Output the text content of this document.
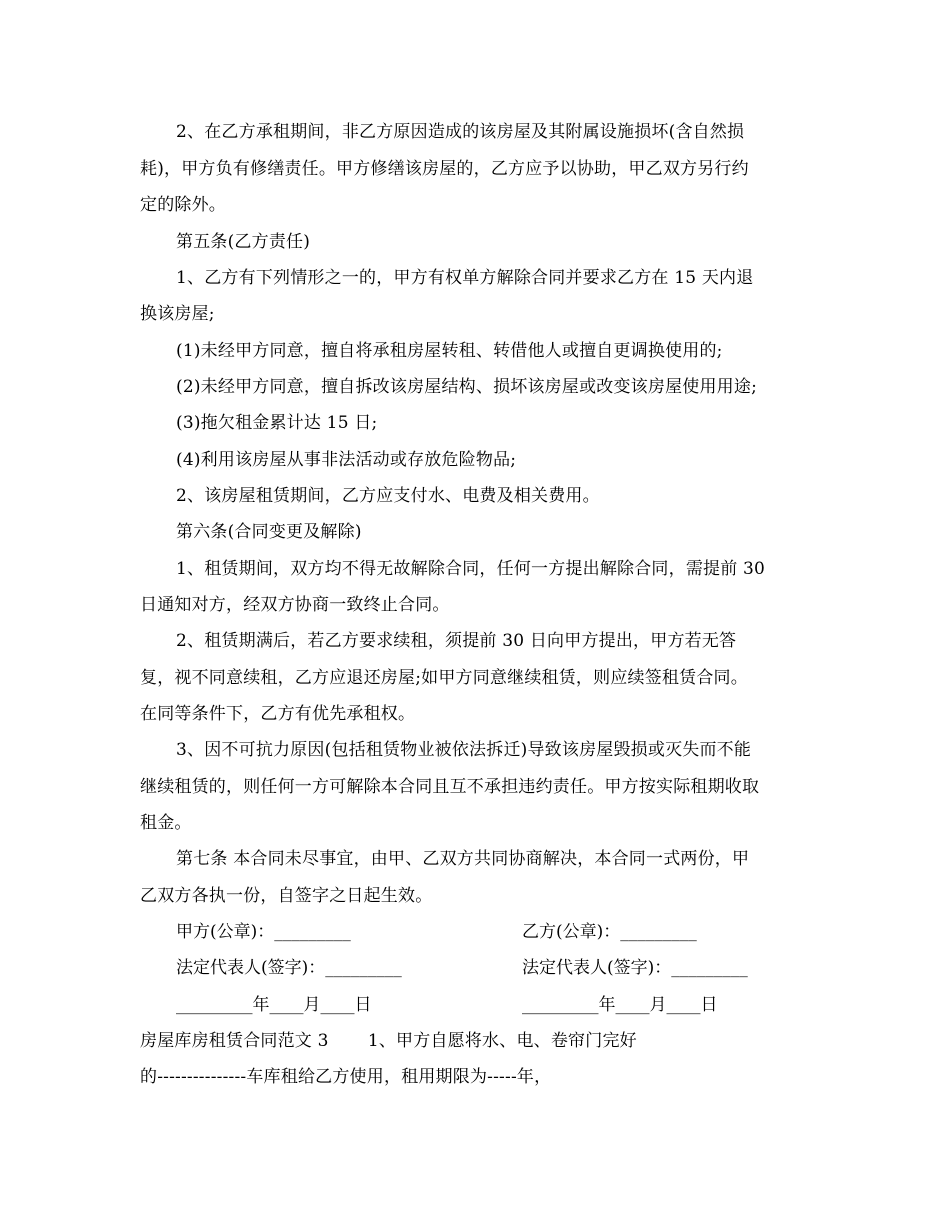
2、在乙方承租期间，非乙方原因造成的该房屋及其附属设施损坏(含自然损
耗)，甲方负有修缮责任。甲方修缮该房屋的，乙方应予以协助，甲乙双方另行约
定的除外。
第五条(乙方责任)
1、乙方有下列情形之一的，甲方有权单方解除合同并要求乙方在 15 天内退
换该房屋;
(1)未经甲方同意，擅自将承租房屋转租、转借他人或擅自更调换使用的;
(2)未经甲方同意，擅自拆改该房屋结构、损坏该房屋或改变该房屋使用用途;
(3)拖欠租金累计达 15 日;
(4)利用该房屋从事非法活动或存放危险物品;
2、该房屋租赁期间，乙方应支付水、电费及相关费用。
第六条(合同变更及解除)
1、租赁期间，双方均不得无故解除合同，任何一方提出解除合同，需提前 30
日通知对方，经双方协商一致终止合同。
2、租赁期满后，若乙方要求续租，须提前 30 日向甲方提出，甲方若无答
复，视不同意续租，乙方应退还房屋;如甲方同意继续租赁，则应续签租赁合同。
在同等条件下，乙方有优先承租权。
3、因不可抗力原因(包括租赁物业被依法拆迁)导致该房屋毁损或灭失而不能
继续租赁的，则任何一方可解除本合同且互不承担违约责任。甲方按实际租期收取
租金。
第七条 本合同未尽事宜，由甲、乙双方共同协商解决，本合同一式两份，甲
乙双方各执一份，自签字之日起生效。
甲方(公章)：_________	乙方(公章)：_________
法定代表人(签字)：_________	法定代表人(签字)：_________
_________年____月____日	_________年____月____日
房屋库房租赁合同范文 3       1、甲方自愿将水、电、卷帘门完好
的---------------车库租给乙方使用，租用期限为-----年，
